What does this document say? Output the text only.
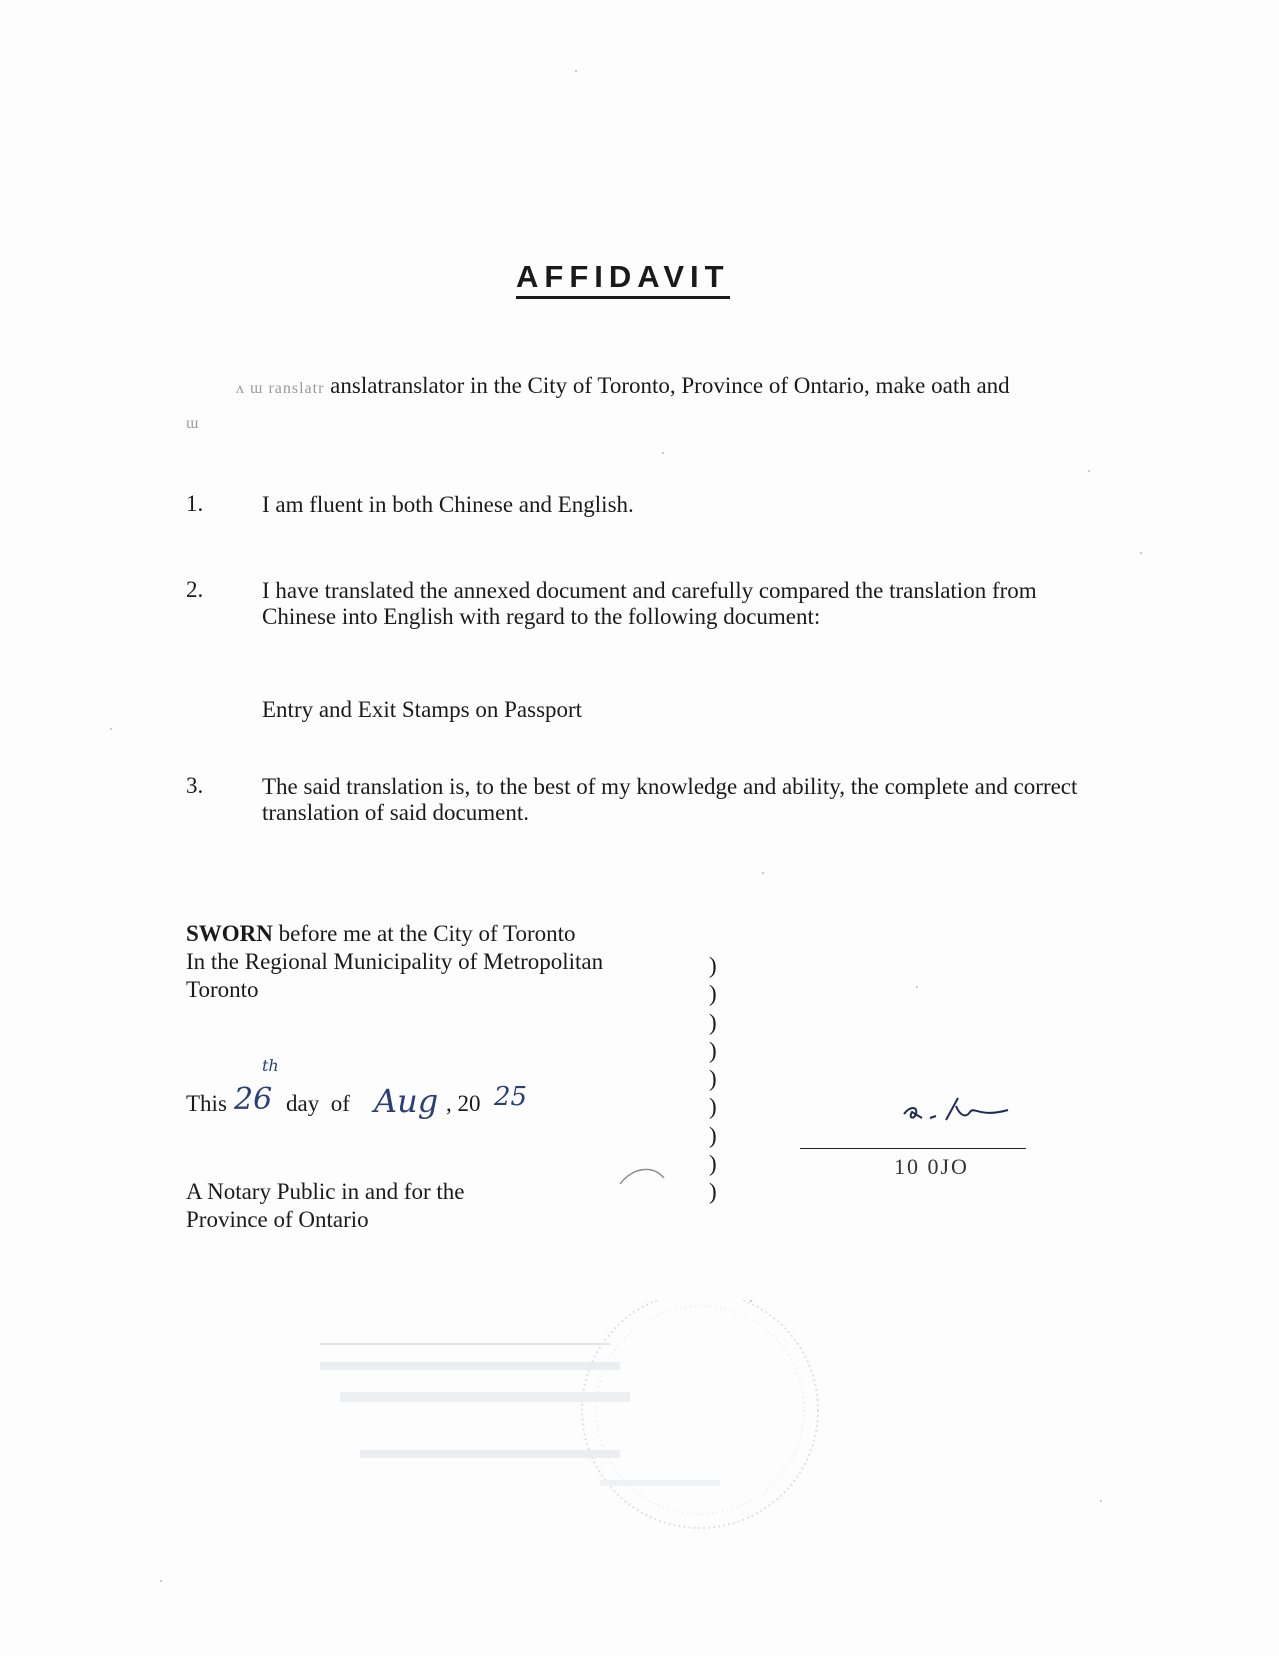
AFFIDAVIT
ʌ ɯ ranslatr anslatranslator in the City of Toronto, Province of Ontario, make oath and
ɯ
1.	I am fluent in both Chinese and English.
2.	I have translated the annexed document and carefully compared the translation from Chinese into English with regard to the following document:
Entry and Exit Stamps on Passport
3.	The said translation is, to the best of my knowledge and ability, the complete and correct translation of said document.
SWORN before me at the City of Toronto
In the Regional Municipality of Metropolitan
Toronto
)
)
)
)
)
)
)
)
)
This 26
th
day  of Aug , 20 25
A Notary Public in and for the
Province of Ontario
10 0JO
